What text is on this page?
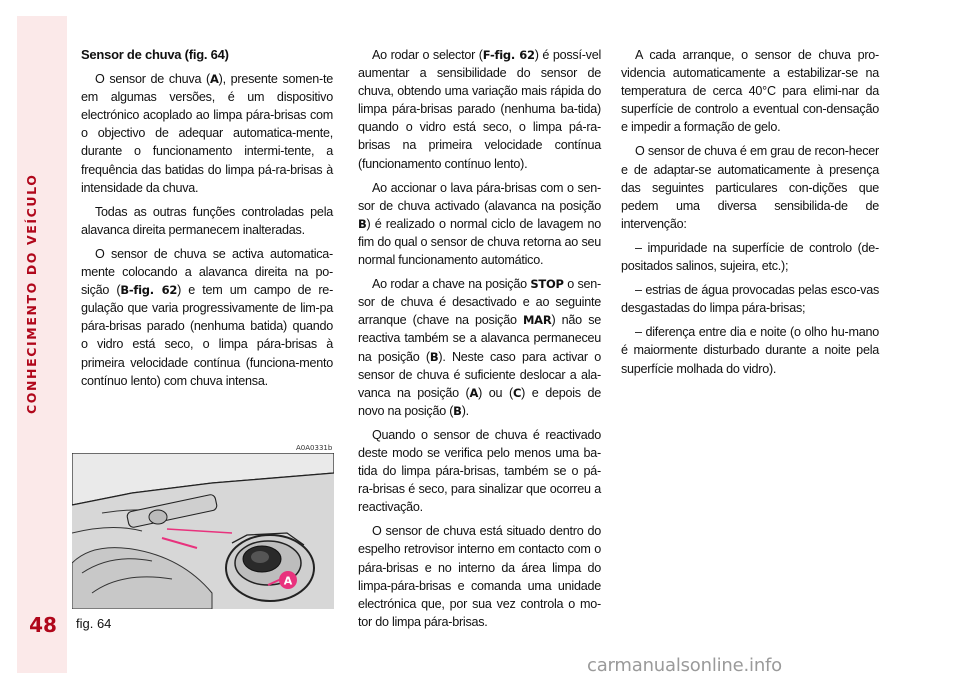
CONHECIMENTO DO VEÍCULO
48

Sensor de chuva (fig. 64)

O sensor de chuva (A), presente somen-te em algumas versões, é um dispositivo electrónico acoplado ao limpa pára-brisas com o objectivo de adequar automatica-mente, durante o funcionamento intermi-tente, a frequência das batidas do limpa pá-ra-brisas à intensidade da chuva.

Todas as outras funções controladas pela alavanca direita permanecem inalteradas.

O sensor de chuva se activa automatica-mente colocando a alavanca direita na po-sição (B-fig. 62) e tem um campo de re-gulação que varia progressivamente de lim-pa pára-brisas parado (nenhuma batida) quando o vidro está seco, o limpa pára-brisas à primeira velocidade contínua (funciona-mento contínuo lento) com chuva intensa.

Ao rodar o selector (F-fig. 62) é possí-vel aumentar a sensibilidade do sensor de chuva, obtendo uma variação mais rápida do limpa pára-brisas parado (nenhuma ba-tida) quando o vidro está seco, o limpa pá-ra-brisas na primeira velocidade contínua (funcionamento contínuo lento).

Ao accionar o lava pára-brisas com o sen-sor de chuva activado (alavanca na posição B) é realizado o normal ciclo de lavagem no fim do qual o sensor de chuva retorna ao seu normal funcionamento automático.

Ao rodar a chave na posição STOP o sen-sor de chuva é desactivado e ao seguinte arranque (chave na posição MAR) não se reactiva também se a alavanca permaneceu na posição (B). Neste caso para activar o sensor de chuva é suficiente deslocar a ala-vanca na posição (A) ou (C) e depois de novo na posição (B).

Quando o sensor de chuva é reactivado deste modo se verifica pelo menos uma ba-tida do limpa pára-brisas, também se o pá-ra-brisas é seco, para sinalizar que ocorreu a reactivação.

O sensor de chuva está situado dentro do espelho retrovisor interno em contacto com o pára-brisas e no interno da área limpa do limpa-pára-brisas e comanda uma unidade electrónica que, por sua vez controla o mo-tor do limpa pára-brisas.

A cada arranque, o sensor de chuva pro-videncia automaticamente a estabilizar-se na temperatura de cerca 40°C para elimi-nar da superfície de controlo a eventual con-densação e impedir a formação de gelo.

O sensor de chuva é em grau de recon-hecer e de adaptar-se automaticamente à presença das seguintes particulares con-dições que pedem uma diversa sensibilida-de de intervenção:

– impuridade na superfície de controlo (de-positados salinos, sujeira, etc.);

– estrias de água provocadas pelas esco-vas desgastadas do limpa pára-brisas;

– diferença entre dia e noite (o olho hu-mano é maiormente disturbado durante a noite pela superfície molhada do vidro).

A0A0331b
A
fig. 64
carmanualsonline.info
